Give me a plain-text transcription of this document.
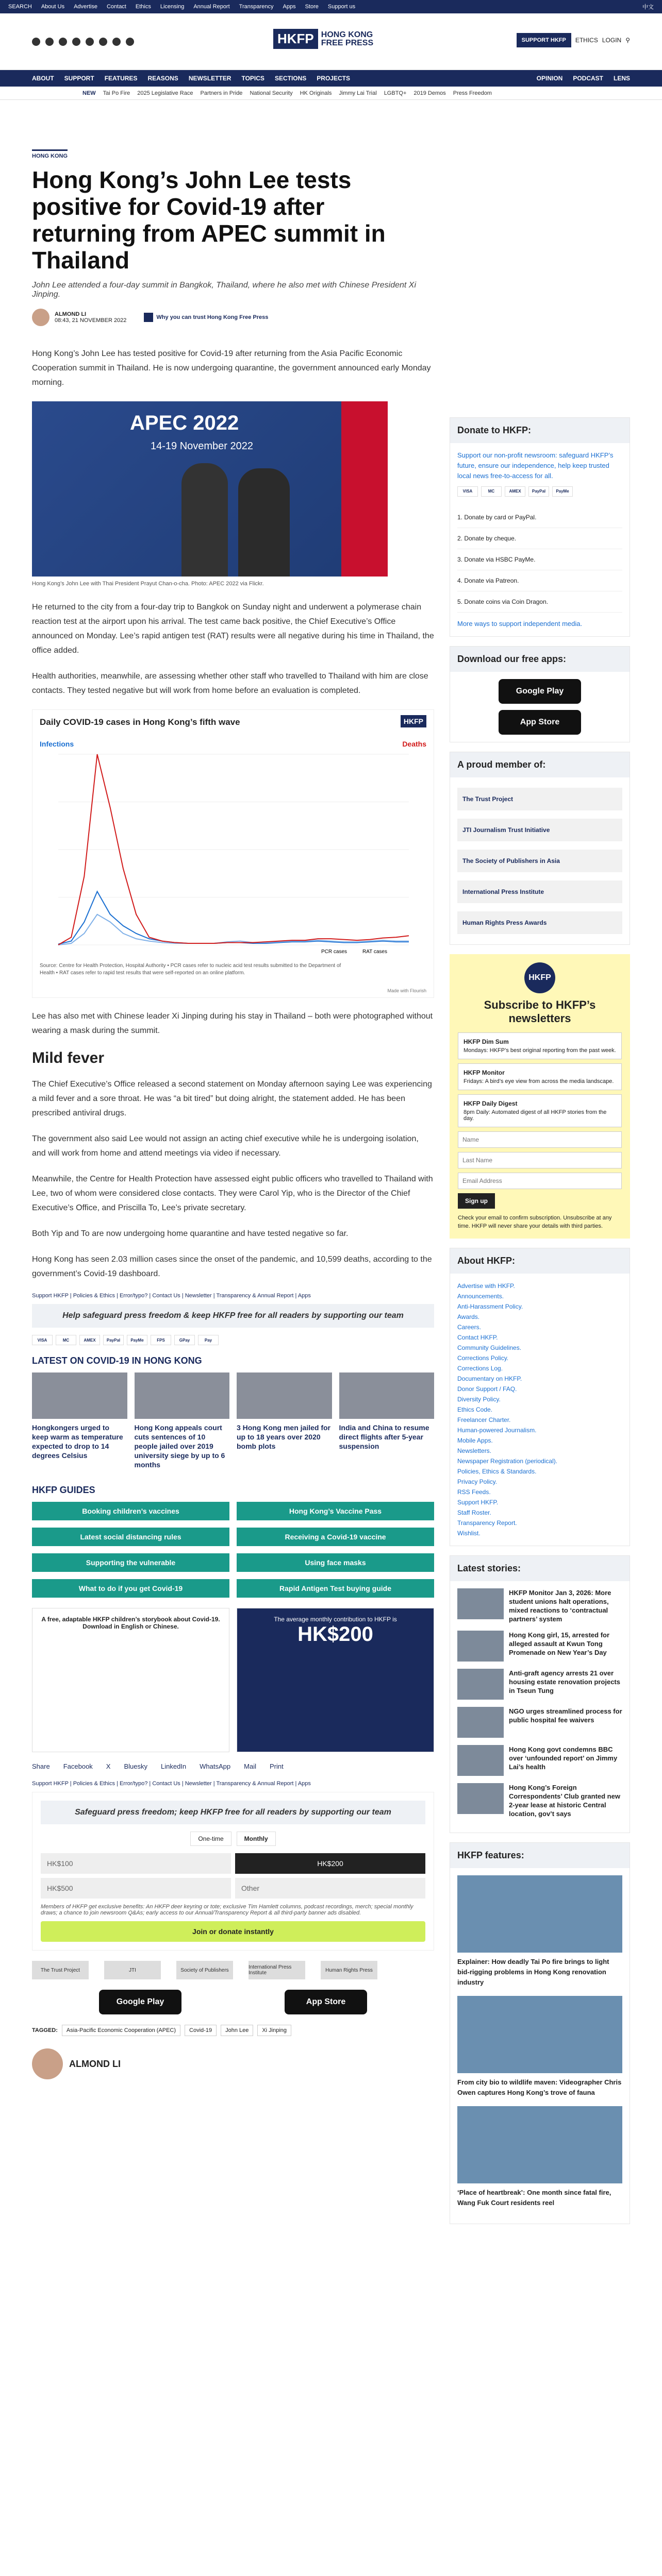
SEARCH About Us Advertise Contact Ethics Licensing Annual Report Transparency Apps Store Support us	中文
HKFP HONG KONG
FREE PRESS	SUPPORT HKFP	ETHICS LOGIN ⚲
ABOUT SUPPORT FEATURES REASONS NEWSLETTER TOPICS SECTIONS PROJECTS	OPINION PODCAST LENS
NEW Tai Po Fire 2025 Legislative Race Partners in Pride National Security HK Originals Jimmy Lai Trial LGBTQ+ 2019 Demos Press Freedom
HONG KONG
Hong Kong’s John Lee tests positive for Covid-19 after returning from APEC summit in Thailand
John Lee attended a four-day summit in Bangkok, Thailand, where he also met with Chinese President Xi Jinping.
ALMOND LI
08:43, 21 NOVEMBER 2022	Why you can trust Hong Kong Free Press

Hong Kong’s John Lee has tested positive for Covid-19 after returning from the Asia Pacific Economic Cooperation summit in Thailand. He is now undergoing quarantine, the government announced early Monday morning.

APEC 2022
14-19 November 2022
Hong Kong’s John Lee with Thai President Prayut Chan-o-cha. Photo: APEC 2022 via Flickr.

He returned to the city from a four-day trip to Bangkok on Sunday night and underwent a polymerase chain reaction test at the airport upon his arrival. The test came back positive, the Chief Executive’s Office announced on Monday. Lee’s rapid antigen test (RAT) results were all negative during his time in Thailand, the office added.

Health authorities, meanwhile, are assessing whether other staff who travelled to Thailand with him are close contacts. They tested negative but will work from home before an evaluation is completed.

Daily COVID-19 cases in Hong Kong’s fifth wave	HKFP
Infections	Deaths
PCR cases	RAT cases
Source: Centre for Health Protection, Hospital Authority • PCR cases refer to nucleic acid test results submitted to the Department of Health • RAT cases refer to rapid test results that were self-reported on an online platform.
Made with Flourish

Lee has also met with Chinese leader Xi Jinping during his stay in Thailand – both were photographed without wearing a mask during the summit.

Mild fever

The Chief Executive’s Office released a second statement on Monday afternoon saying Lee was experiencing a mild fever and a sore throat. He was “a bit tired” but doing alright, the statement added. He has been prescribed antiviral drugs.

The government also said Lee would not assign an acting chief executive while he is undergoing isolation, and will work from home and attend meetings via video if necessary.

Meanwhile, the Centre for Health Protection have assessed eight public officers who travelled to Thailand with Lee, two of whom were considered close contacts. They were Carol Yip, who is the Director of the Chief Executive’s Office, and Priscilla To, Lee’s private secretary.

Both Yip and To are now undergoing home quarantine and have tested negative so far.

Hong Kong has seen 2.03 million cases since the onset of the pandemic, and 10,599 deaths, according to the government’s Covid-19 dashboard.

Support HKFP | Policies & Ethics | Error/typo? | Contact Us | Newsletter | Transparency & Annual Report | Apps
Help safeguard press freedom & keep HKFP free for all readers by supporting our team
VISA	MC	AMEX	PayPal	PayMe	FPS	GPay	Pay
LATEST ON COVID-19 IN HONG KONG
Hongkongers urged to keep warm as temperature expected to drop to 14 degrees Celsius
Hong Kong appeals court cuts sentences of 10 people jailed over 2019 university siege by up to 6 months
3 Hong Kong men jailed for up to 18 years over 2020 bomb plots
India and China to resume direct flights after 5-year suspension
HKFP GUIDES
Booking children’s vaccines	Hong Kong’s Vaccine Pass
Latest social distancing rules	Receiving a Covid-19 vaccine
Supporting the vulnerable	Using face masks
What to do if you get Covid-19	Rapid Antigen Test buying guide
A free, adaptable HKFP children’s storybook about Covid-19. Download in English or Chinese.
The average monthly contribution to HKFP is
HK$200
Share Facebook X Bluesky LinkedIn WhatsApp Mail Print
Support HKFP | Policies & Ethics | Error/typo? | Contact Us | Newsletter | Transparency & Annual Report | Apps
Safeguard press freedom; keep HKFP free for all readers by supporting our team
One-time	Monthly
HK$100	HK$200
HK$500	Other

Members of HKFP get exclusive benefits: An HKFP deer keyring or tote; exclusive Tim Hamlett columns, podcast recordings, merch; special monthly draws; a chance to join newsroom Q&As; early access to our Annual/Transparency Report & all third-party banner ads disabled.

Join or donate instantly
The Trust Project	JTI	Society of Publishers	International Press Institute	Human Rights Press
Google Play	App Store
TAGGED:	Asia-Pacific Economic Cooperation (APEC)	Covid-19	John Lee	Xi Jinping
ALMOND LI
Donate to HKFP:

Support our non-profit newsroom: safeguard HKFP’s future, ensure our independence, help keep trusted local news free-to-access for all.

VISA	MC	AMEX	PayPal	PayMe
1. Donate by card or PayPal.
2. Donate by cheque.
3. Donate via HSBC PayMe.
4. Donate via Patreon.
5. Donate coins via Coin Dragon.

More ways to support independent media.

Download our free apps:
Google Play
App Store
A proud member of:
The Trust Project
JTI Journalism Trust Initiative
The Society of Publishers in Asia
International Press Institute
Human Rights Press Awards
HKFP
Subscribe to HKFP’s newsletters
HKFP Dim Sum
Mondays: HKFP’s best original reporting from the past week.
HKFP Monitor
Fridays: A bird’s eye view from across the media landscape.
HKFP Daily Digest
8pm Daily: Automated digest of all HKFP stories from the day.
Name Last Name Email Address Sign up

Check your email to confirm subscription. Unsubscribe at any time. HKFP will never share your details with third parties.

About HKFP:
Advertise with HKFP.
Announcements.
Anti-Harassment Policy.
Awards.
Careers.
Contact HKFP.
Community Guidelines.
Corrections Policy.
Corrections Log.
Documentary on HKFP.
Donor Support / FAQ.
Diversity Policy.
Ethics Code.
Freelancer Charter.
Human-powered Journalism.
Mobile Apps.
Newsletters.
Newspaper Registration (periodical).
Policies, Ethics & Standards.
Privacy Policy.
RSS Feeds.
Support HKFP.
Staff Roster.
Transparency Report.
Wishlist.
Latest stories:
HKFP Monitor Jan 3, 2026: More student unions halt operations, mixed reactions to ‘contractual partners’ system
Hong Kong girl, 15, arrested for alleged assault at Kwun Tong Promenade on New Year’s Day
Anti-graft agency arrests 21 over housing estate renovation projects in Tseun Tung
NGO urges streamlined process for public hospital fee waivers
Hong Kong govt condemns BBC over ‘unfounded report’ on Jimmy Lai’s health
Hong Kong’s Foreign Correspondents’ Club granted new 2-year lease at historic Central location, gov’t says
HKFP features:
Explainer: How deadly Tai Po fire brings to light bid-rigging problems in Hong Kong renovation industry
From city bio to wildlife maven: Videographer Chris Owen captures Hong Kong’s trove of fauna
‘Place of heartbreak’: One month since fatal fire, Wang Fuk Court residents reel
